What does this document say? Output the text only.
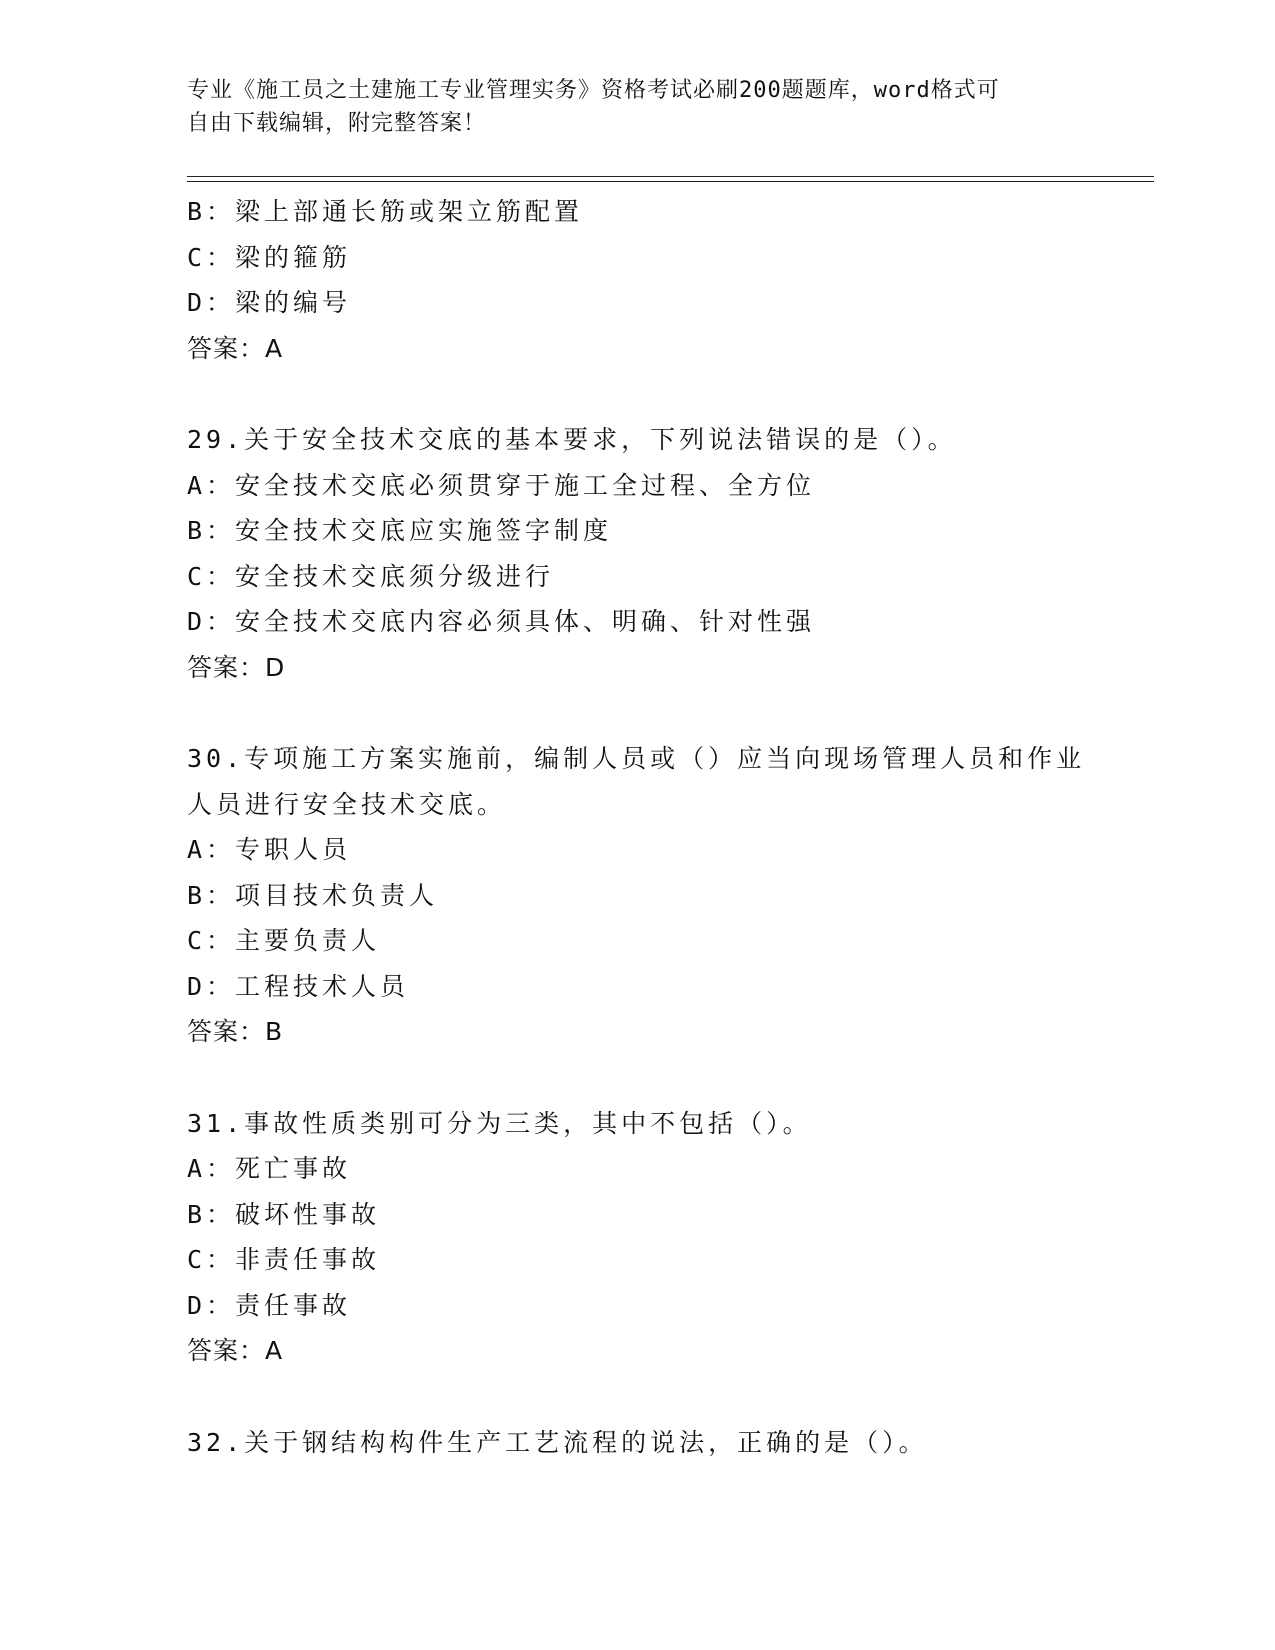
专业《施工员之土建施工专业管理实务》资格考试必刷200题题库，word格式可
自由下载编辑，附完整答案！
B：梁上部通长筋或架立筋配置
C：梁的箍筋
D：梁的编号
答案：A
29.关于安全技术交底的基本要求，下列说法错误的是（）。
A：安全技术交底必须贯穿于施工全过程、全方位
B：安全技术交底应实施签字制度
C：安全技术交底须分级进行
D：安全技术交底内容必须具体、明确、针对性强
答案：D
30.专项施工方案实施前，编制人员或（）应当向现场管理人员和作业
人员进行安全技术交底。
A：专职人员
B：项目技术负责人
C：主要负责人
D：工程技术人员
答案：B
31.事故性质类别可分为三类，其中不包括（）。
A：死亡事故
B：破坏性事故
C：非责任事故
D：责任事故
答案：A
32.关于钢结构构件生产工艺流程的说法，正确的是（）。
